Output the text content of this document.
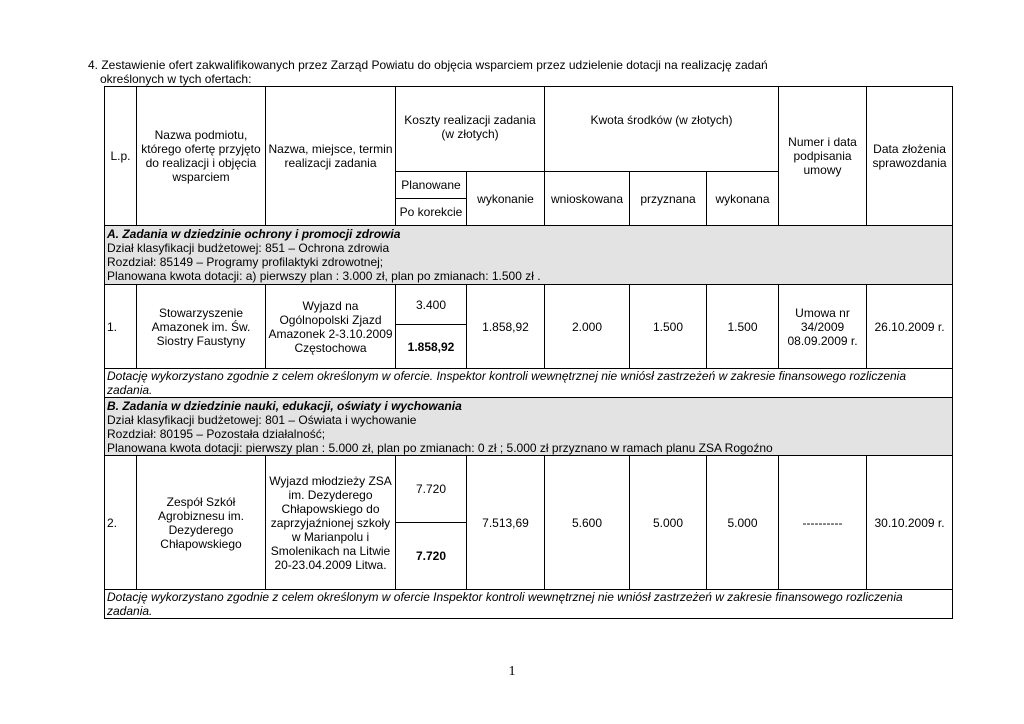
4. Zestawienie ofert zakwalifikowanych przez Zarząd Powiatu do objęcia wsparciem przez udzielenie dotacji na realizację zadań
określonych w tych ofertach:
L.p.	Nazwa podmiotu, którego ofertę przyjęto do realizacji i objęcia wsparciem	Nazwa, miejsce, termin realizacji zadania	Koszty realizacji zadania (w złotych)		Kwota środków (w złotych)			Numer i data podpisania umowy	Data złożenia sprawozdania
			Planowane	wykonanie	wnioskowana	przyznana	wykonana		
			Po korekcie						

A. Zadania w dziedzinie ochrony i promocji zdrowia
Dział klasyfikacji budżetowej: 851 – Ochrona zdrowia
Rozdział: 85149 – Programy profilaktyki zdrowotnej;
Planowana kwota dotacji: a) pierwszy plan : 3.000 zł, plan po zmianach: 1.500 zł .									

1.	Stowarzyszenie Amazonek im. Św. Siostry Faustyny	Wyjazd na Ogólnopolski Zjazd Amazonek 2-3.10.2009 Częstochowa	3.400	1.858,92	2.000	1.500	1.500	Umowa nr 34/2009 08.09.2009 r.	26.10.2009 r.
			1.858,92						
Dotację wykorzystano zgodnie z celem określonym w ofercie. Inspektor kontroli wewnętrznej nie wniósł zastrzeżeń w zakresie finansowego rozliczenia zadania.									

B. Zadania w dziedzinie nauki, edukacji, oświaty i wychowania
Dział klasyfikacji budżetowej: 801 – Oświata i wychowanie
Rozdział: 80195 – Pozostała działalność;
Planowana kwota dotacji: pierwszy plan : 5.000 zł, plan po zmianach: 0 zł ; 5.000 zł przyznano w ramach planu ZSA Rogoźno									

2.	Zespół Szkół Agrobiznesu im. Dezyderego Chłapowskiego	Wyjazd młodzieży ZSA im. Dezyderego Chłapowskiego do zaprzyjaźnionej szkoły w Marianpolu i Smolenikach na Litwie 20-23.04.2009 Litwa.	7.720	7.513,69	5.600	5.000	5.000	----------	30.10.2009 r.
			7.720						
Dotację wykorzystano zgodnie z celem określonym w ofercie Inspektor kontroli wewnętrznej nie wniósł zastrzeżeń w zakresie finansowego rozliczenia zadania.									
1
